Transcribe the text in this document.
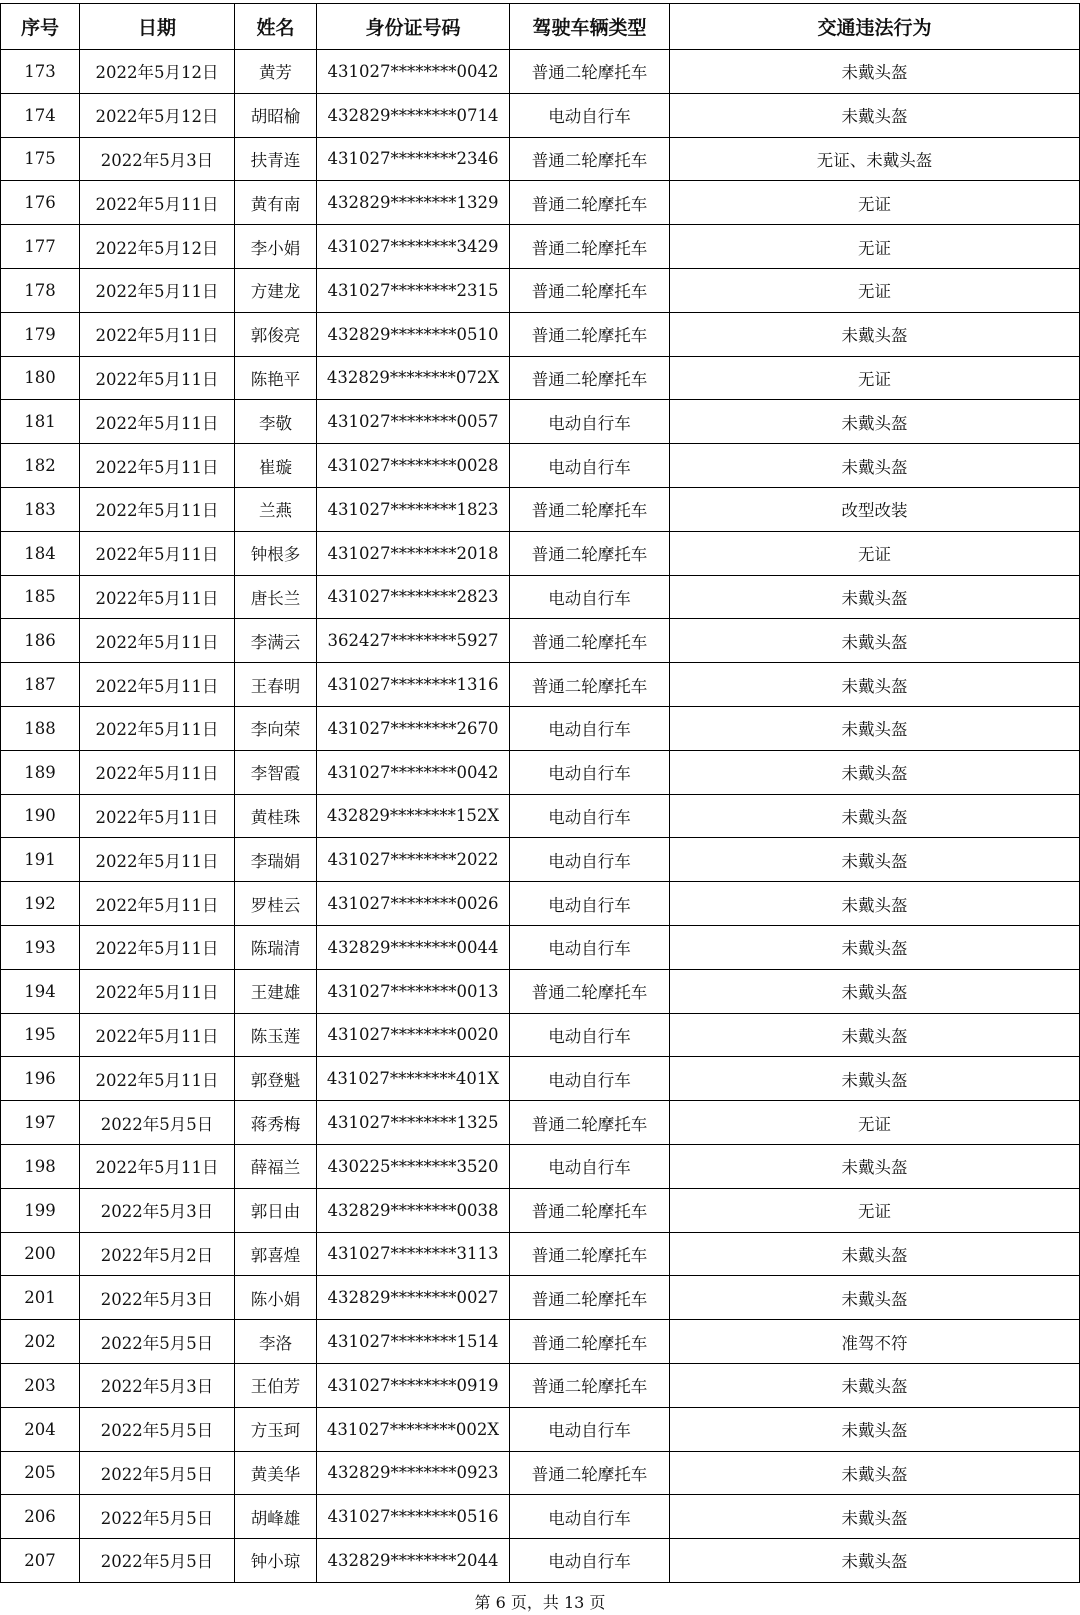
序号	日期	姓名	身份证号码	驾驶车辆类型	交通违法行为
173	2022年5月12日	黄芳	431027********0042	普通二轮摩托车	未戴头盔
174	2022年5月12日	胡昭榆	432829********0714	电动自行车	未戴头盔
175	2022年5月3日	扶青连	431027********2346	普通二轮摩托车	无证、未戴头盔
176	2022年5月11日	黄有南	432829********1329	普通二轮摩托车	无证
177	2022年5月12日	李小娟	431027********3429	普通二轮摩托车	无证
178	2022年5月11日	方建龙	431027********2315	普通二轮摩托车	无证
179	2022年5月11日	郭俊亮	432829********0510	普通二轮摩托车	未戴头盔
180	2022年5月11日	陈艳平	432829********072X	普通二轮摩托车	无证
181	2022年5月11日	李敬	431027********0057	电动自行车	未戴头盔
182	2022年5月11日	崔璇	431027********0028	电动自行车	未戴头盔
183	2022年5月11日	兰燕	431027********1823	普通二轮摩托车	改型改装
184	2022年5月11日	钟根多	431027********2018	普通二轮摩托车	无证
185	2022年5月11日	唐长兰	431027********2823	电动自行车	未戴头盔
186	2022年5月11日	李满云	362427********5927	普通二轮摩托车	未戴头盔
187	2022年5月11日	王春明	431027********1316	普通二轮摩托车	未戴头盔
188	2022年5月11日	李向荣	431027********2670	电动自行车	未戴头盔
189	2022年5月11日	李智霞	431027********0042	电动自行车	未戴头盔
190	2022年5月11日	黄桂珠	432829********152X	电动自行车	未戴头盔
191	2022年5月11日	李瑞娟	431027********2022	电动自行车	未戴头盔
192	2022年5月11日	罗桂云	431027********0026	电动自行车	未戴头盔
193	2022年5月11日	陈瑞清	432829********0044	电动自行车	未戴头盔
194	2022年5月11日	王建雄	431027********0013	普通二轮摩托车	未戴头盔
195	2022年5月11日	陈玉莲	431027********0020	电动自行车	未戴头盔
196	2022年5月11日	郭登魁	431027********401X	电动自行车	未戴头盔
197	2022年5月5日	蒋秀梅	431027********1325	普通二轮摩托车	无证
198	2022年5月11日	薛福兰	430225********3520	电动自行车	未戴头盔
199	2022年5月3日	郭日由	432829********0038	普通二轮摩托车	无证
200	2022年5月2日	郭喜煌	431027********3113	普通二轮摩托车	未戴头盔
201	2022年5月3日	陈小娟	432829********0027	普通二轮摩托车	未戴头盔
202	2022年5月5日	李洛	431027********1514	普通二轮摩托车	准驾不符
203	2022年5月3日	王伯芳	431027********0919	普通二轮摩托车	未戴头盔
204	2022年5月5日	方玉珂	431027********002X	电动自行车	未戴头盔
205	2022年5月5日	黄美华	432829********0923	普通二轮摩托车	未戴头盔
206	2022年5月5日	胡峰雄	431027********0516	电动自行车	未戴头盔
207	2022年5月5日	钟小琼	432829********2044	电动自行车	未戴头盔
第 6 页，共 13 页
